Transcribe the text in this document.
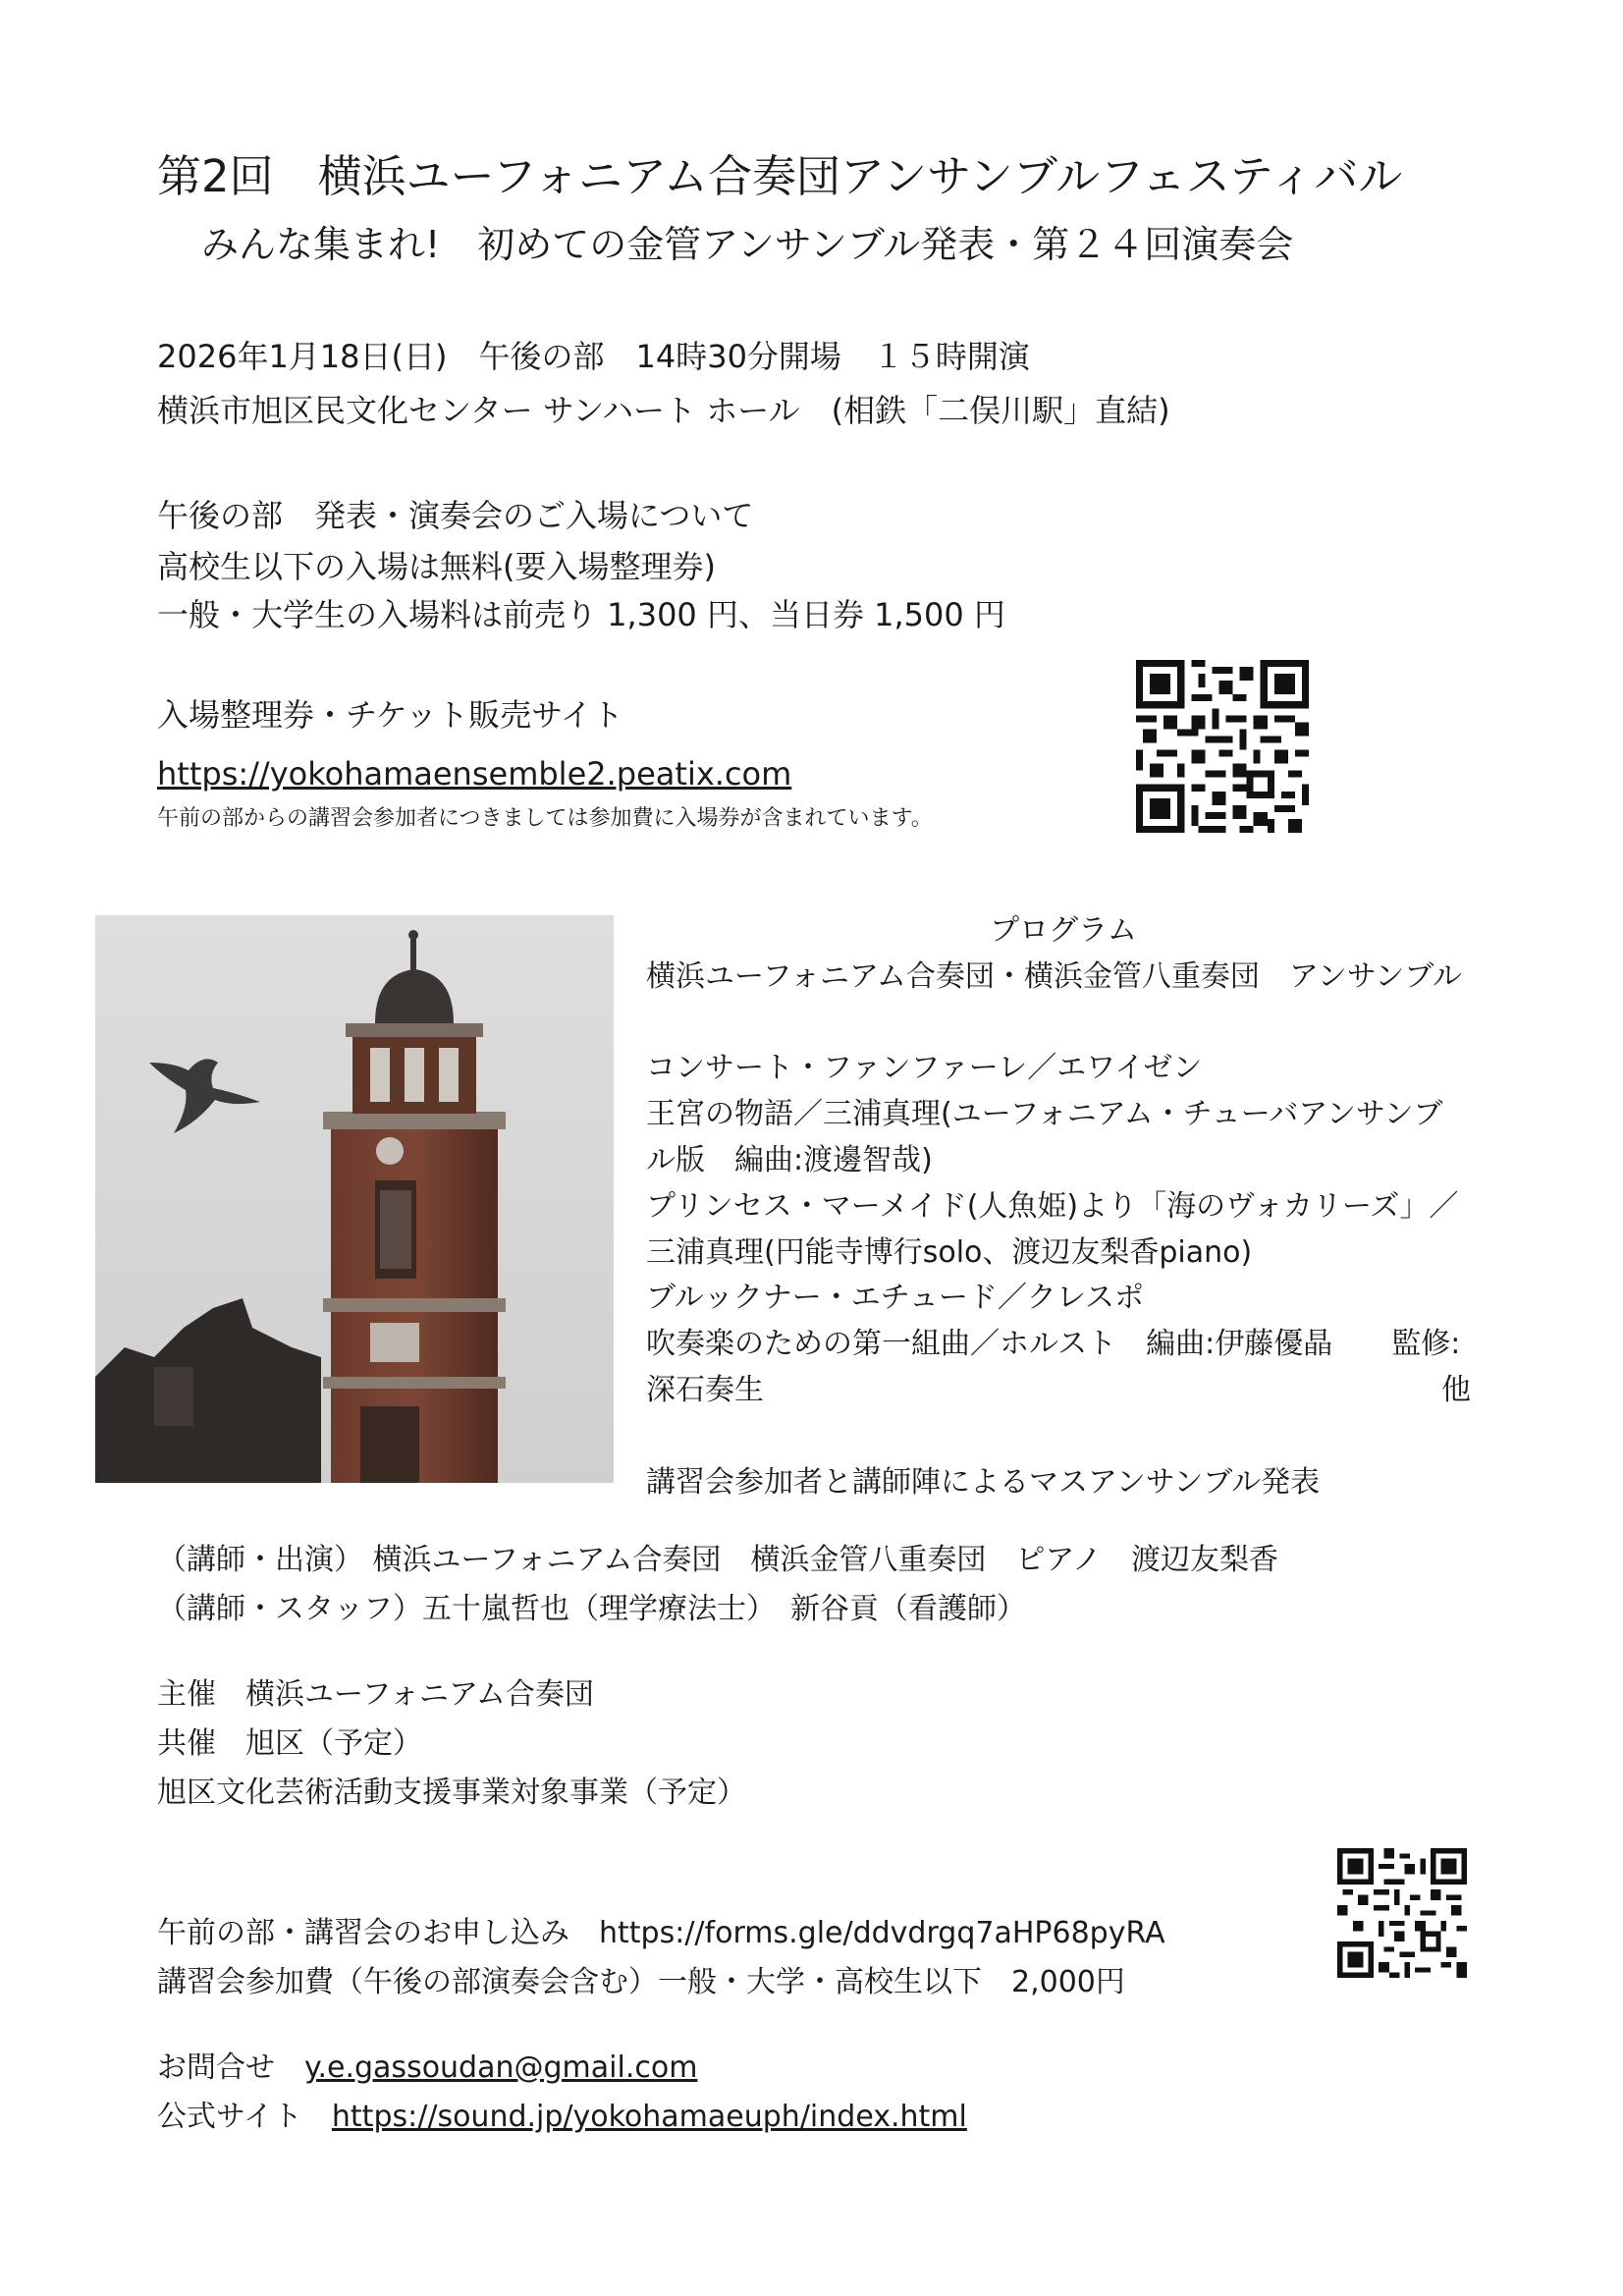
第2回　横浜ユーフォニアム合奏団アンサンブルフェスティバル
みんな集まれ!　初めての金管アンサンブル発表・第２４回演奏会
2026年1月18日(日)　午後の部　14時30分開場　１５時開演
横浜市旭区民文化センター サンハート ホール　(相鉄「二俣川駅」直結)
午後の部　発表・演奏会のご入場について
高校生以下の入場は無料(要入場整理券)
一般・大学生の入場料は前売り 1,300 円、当日券 1,500 円
入場整理券・チケット販売サイト
https://yokohamaensemble2.peatix.com
午前の部からの講習会参加者につきましては参加費に入場券が含まれています。

プログラム

横浜ユーフォニアム合奏団・横浜金管八重奏団　アンサンブル

コンサート・ファンファーレ／エワイゼン

王宮の物語／三浦真理(ユーフォニアム・チューバアンサンブ

ル版　編曲:渡邊智哉)

プリンセス・マーメイド(人魚姫)より「海のヴォカリーズ」／

三浦真理(円能寺博行solo、渡辺友梨香piano)

ブルックナー・エチュード／クレスポ

吹奏楽のための第一組曲／ホルスト　編曲:伊藤優晶　　監修:

深石奏生	他

講習会参加者と講師陣によるマスアンサンブル発表

（講師・出演） 横浜ユーフォニアム合奏団　横浜金管八重奏団　ピアノ　渡辺友梨香
（講師・スタッフ）五十嵐哲也（理学療法士）　新谷貢（看護師）
主催　横浜ユーフォニアム合奏団
共催　旭区（予定）
旭区文化芸術活動支援事業対象事業（予定）
午前の部・講習会のお申し込み　 https://forms.gle/ddvdrgq7aHP68pyRA
講習会参加費（午後の部演奏会含む）一般・大学・高校生以下　2,000円
お問合せ　 y.e.gassoudan@gmail.com
公式サイト　 https://sound.jp/yokohamaeuph/index.html
